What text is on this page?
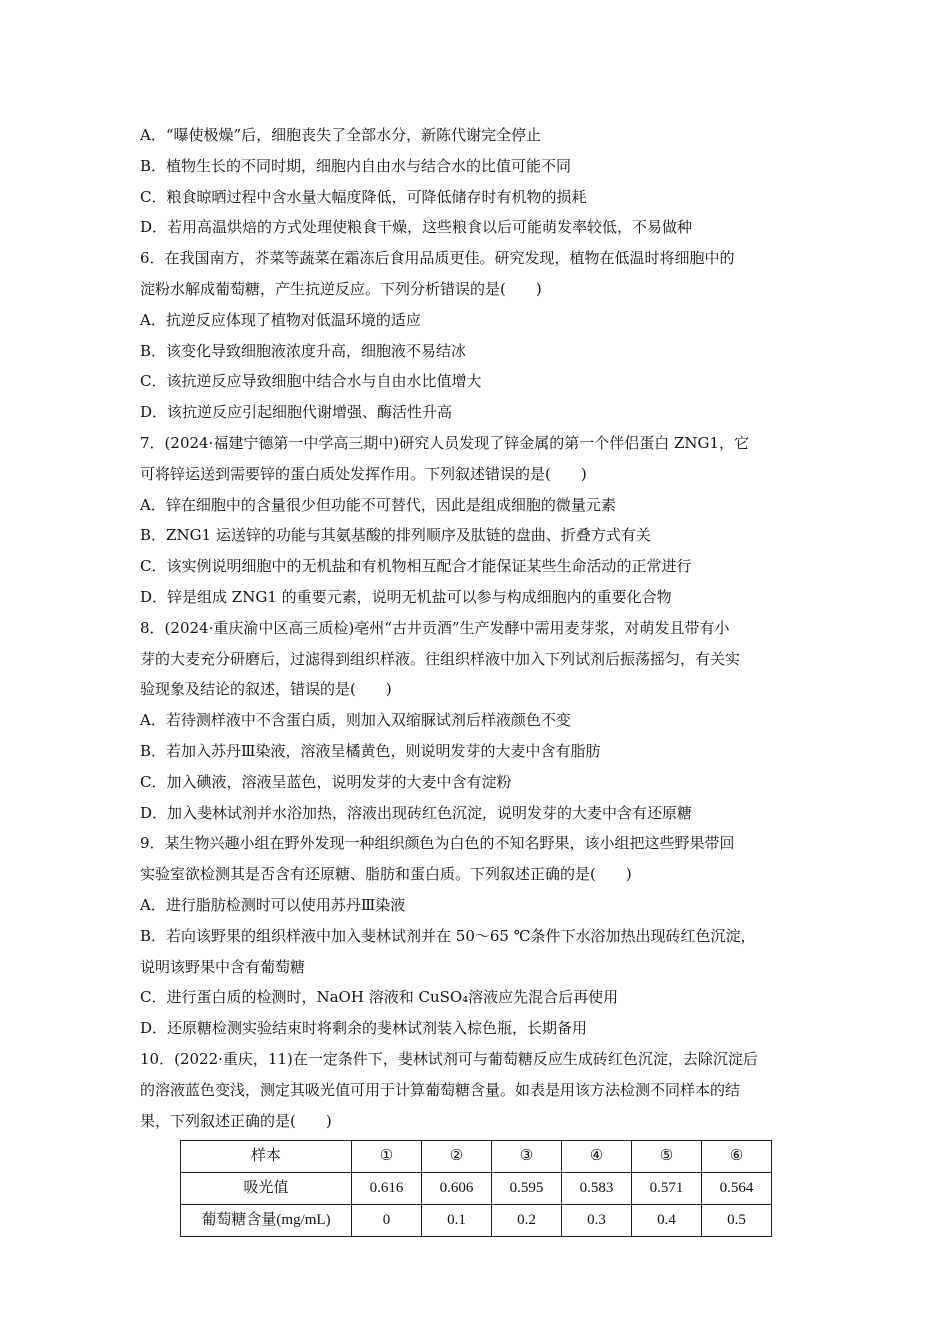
A．“曝使极燥”后，细胞丧失了全部水分，新陈代谢完全停止
B．植物生长的不同时期，细胞内自由水与结合水的比值可能不同
C．粮食晾晒过程中含水量大幅度降低，可降低储存时有机物的损耗
D．若用高温烘焙的方式处理使粮食干燥，这些粮食以后可能萌发率较低，不易做种
6．在我国南方，芥菜等蔬菜在霜冻后食用品质更佳。研究发现，植物在低温时将细胞中的
淀粉水解成葡萄糖，产生抗逆反应。下列分析错误的是(　　)
A．抗逆反应体现了植物对低温环境的适应
B．该变化导致细胞液浓度升高，细胞液不易结冰
C．该抗逆反应导致细胞中结合水与自由水比值增大
D．该抗逆反应引起细胞代谢增强、酶活性升高
7．(2024·福建宁德第一中学高三期中)研究人员发现了锌金属的第一个伴侣蛋白 ZNG1，它
可将锌运送到需要锌的蛋白质处发挥作用。下列叙述错误的是(　　)
A．锌在细胞中的含量很少但功能不可替代，因此是组成细胞的微量元素
B．ZNG1 运送锌的功能与其氨基酸的排列顺序及肽链的盘曲、折叠方式有关
C．该实例说明细胞中的无机盐和有机物相互配合才能保证某些生命活动的正常进行
D．锌是组成 ZNG1 的重要元素，说明无机盐可以参与构成细胞内的重要化合物
8．(2024·重庆渝中区高三质检)亳州“古井贡酒”生产发酵中需用麦芽浆，对萌发且带有小
芽的大麦充分研磨后，过滤得到组织样液。往组织样液中加入下列试剂后振荡摇匀，有关实
验现象及结论的叙述，错误的是(　　)
A．若待测样液中不含蛋白质，则加入双缩脲试剂后样液颜色不变
B．若加入苏丹Ⅲ染液，溶液呈橘黄色，则说明发芽的大麦中含有脂肪
C．加入碘液，溶液呈蓝色，说明发芽的大麦中含有淀粉
D．加入斐林试剂并水浴加热，溶液出现砖红色沉淀，说明发芽的大麦中含有还原糖
9．某生物兴趣小组在野外发现一种组织颜色为白色的不知名野果，该小组把这些野果带回
实验室欲检测其是否含有还原糖、脂肪和蛋白质。下列叙述正确的是(　　)
A．进行脂肪检测时可以使用苏丹Ⅲ染液
B．若向该野果的组织样液中加入斐林试剂并在 50～65 ℃条件下水浴加热出现砖红色沉淀，
说明该野果中含有葡萄糖
C．进行蛋白质的检测时，NaOH 溶液和 CuSO₄溶液应先混合后再使用
D．还原糖检测实验结束时将剩余的斐林试剂装入棕色瓶，长期备用
10．(2022·重庆，11)在一定条件下，斐林试剂可与葡萄糖反应生成砖红色沉淀，去除沉淀后
的溶液蓝色变浅，测定其吸光值可用于计算葡萄糖含量。如表是用该方法检测不同样本的结
果，下列叙述正确的是(　　)
样本	①	②	③	④	⑤	⑥
吸光值	0.616	0.606	0.595	0.583	0.571	0.564
葡萄糖含量(mg/mL)	0	0.1	0.2	0.3	0.4	0.5
